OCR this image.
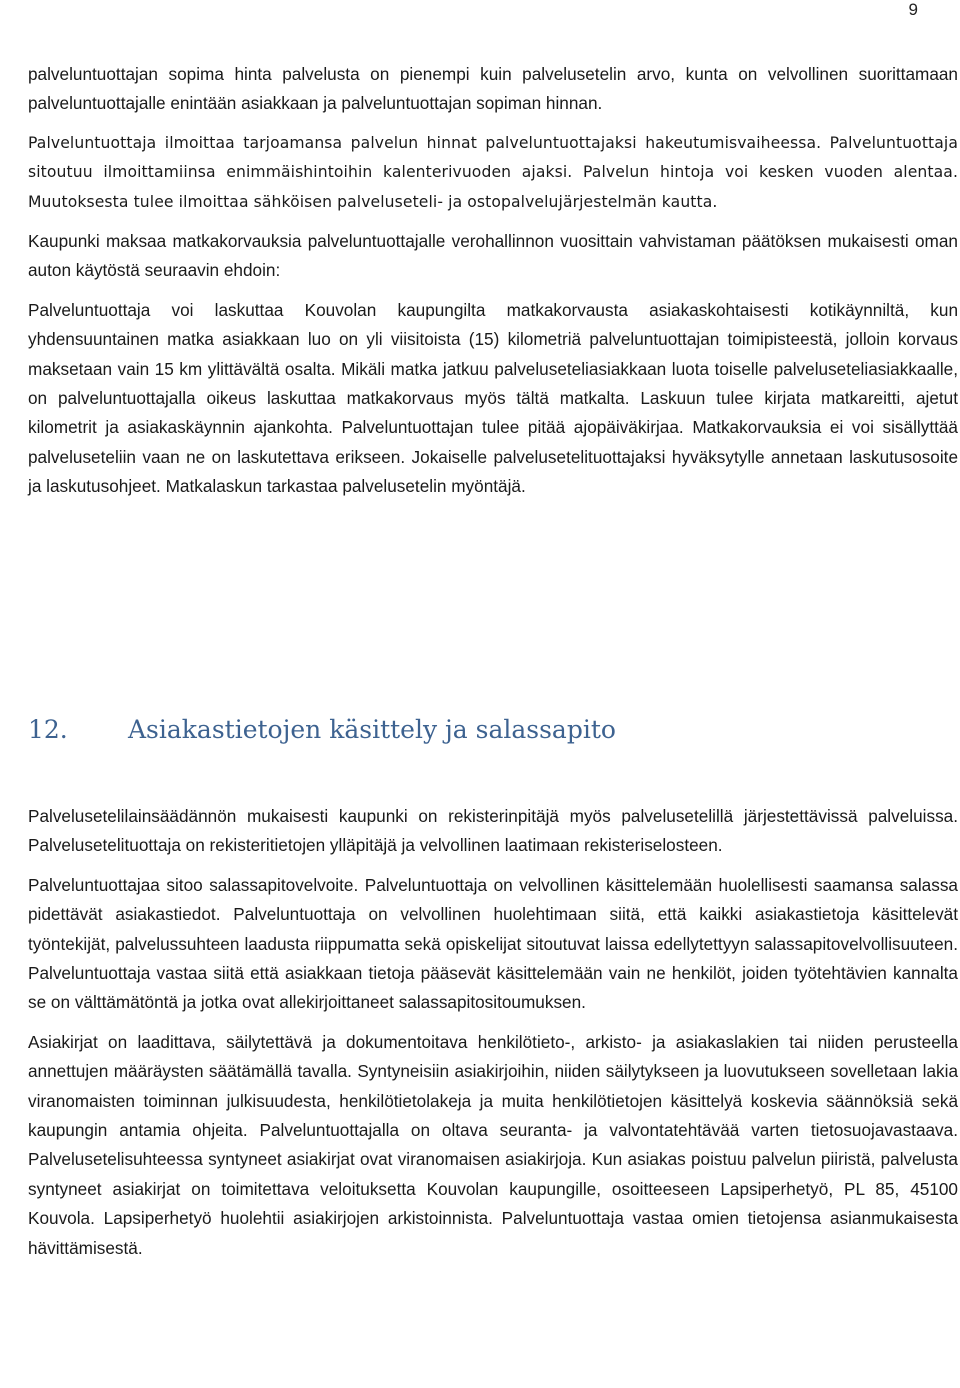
9

palveluntuottajan sopima hinta palvelusta on pienempi kuin palvelusetelin arvo, kunta on velvollinen suorittamaan palveluntuottajalle enintään asiakkaan ja palveluntuottajan sopiman hinnan.

Palveluntuottaja ilmoittaa tarjoamansa palvelun hinnat palveluntuottajaksi hakeutumisvaiheessa. Palveluntuottaja sitoutuu ilmoittamiinsa enimmäishintoihin kalenterivuoden ajaksi. Palvelun hintoja voi kesken vuoden alentaa. Muutoksesta tulee ilmoittaa sähköisen palveluseteli- ja ostopalvelujärjestelmän kautta.

Kaupunki maksaa matkakorvauksia palveluntuottajalle verohallinnon vuosittain vahvistaman päätöksen mukaisesti oman auton käytöstä seuraavin ehdoin:

Palveluntuottaja voi laskuttaa Kouvolan kaupungilta matkakorvausta asiakaskohtaisesti kotikäynniltä, kun yhdensuuntainen matka asiakkaan luo on yli viisitoista (15) kilometriä palveluntuottajan toimipisteestä, jolloin korvaus maksetaan vain 15 km ylittävältä osalta. Mikäli matka jatkuu palveluseteliasiakkaan luota toiselle palveluseteliasiakkaalle, on palveluntuottajalla oikeus laskuttaa matkakorvaus myös tältä matkalta. Laskuun tulee kirjata matkareitti, ajetut kilometrit ja asiakaskäynnin ajankohta. Palveluntuottajan tulee pitää ajopäiväkirjaa. Matkakorvauksia ei voi sisällyttää palveluseteliin vaan ne on laskutettava erikseen. Jokaiselle palvelusetelituottajaksi hyväksytylle annetaan laskutusosoite ja laskutusohjeet. Matkalaskun tarkastaa palvelusetelin myöntäjä.

12. Asiakastietojen käsittely ja salassapito

Palvelusetelilainsäädännön mukaisesti kaupunki on rekisterinpitäjä myös palvelusetelillä järjestettävissä palveluissa. Palvelusetelituottaja on rekisteritietojen ylläpitäjä ja velvollinen laatimaan rekisteriselosteen.

Palveluntuottajaa sitoo salassapitovelvoite. Palveluntuottaja on velvollinen käsittelemään huolellisesti saamansa salassa pidettävät asiakastiedot. Palveluntuottaja on velvollinen huolehtimaan siitä, että kaikki asiakastietoja käsittelevät työntekijät, palvelussuhteen laadusta riippumatta sekä opiskelijat sitoutuvat laissa edellytettyyn salassapitovelvollisuuteen. Palveluntuottaja vastaa siitä että asiakkaan tietoja pääsevät käsittelemään vain ne henkilöt, joiden työtehtävien kannalta se on välttämätöntä ja jotka ovat allekirjoittaneet salassapitositoumuksen.

Asiakirjat on laadittava, säilytettävä ja dokumentoitava henkilötieto-, arkisto- ja asiakaslakien tai niiden perusteella annettujen määräysten säätämällä tavalla. Syntyneisiin asiakirjoihin, niiden säilytykseen ja luovutukseen sovelletaan lakia viranomaisten toiminnan julkisuudesta, henkilötietolakeja ja muita henkilötietojen käsittelyä koskevia säännöksiä sekä kaupungin antamia ohjeita. Palveluntuottajalla on oltava seuranta- ja valvontatehtävää varten tietosuojavastaava. Palvelusetelisuhteessa syntyneet asiakirjat ovat viranomaisen asiakirjoja. Kun asiakas poistuu palvelun piiristä, palvelusta syntyneet asiakirjat on toimitettava veloituksetta Kouvolan kaupungille, osoitteeseen Lapsiperhetyö, PL 85, 45100 Kouvola. Lapsiperhetyö huolehtii asiakirjojen arkistoinnista. Palveluntuottaja vastaa omien tietojensa asianmukaisesta hävittämisestä.
